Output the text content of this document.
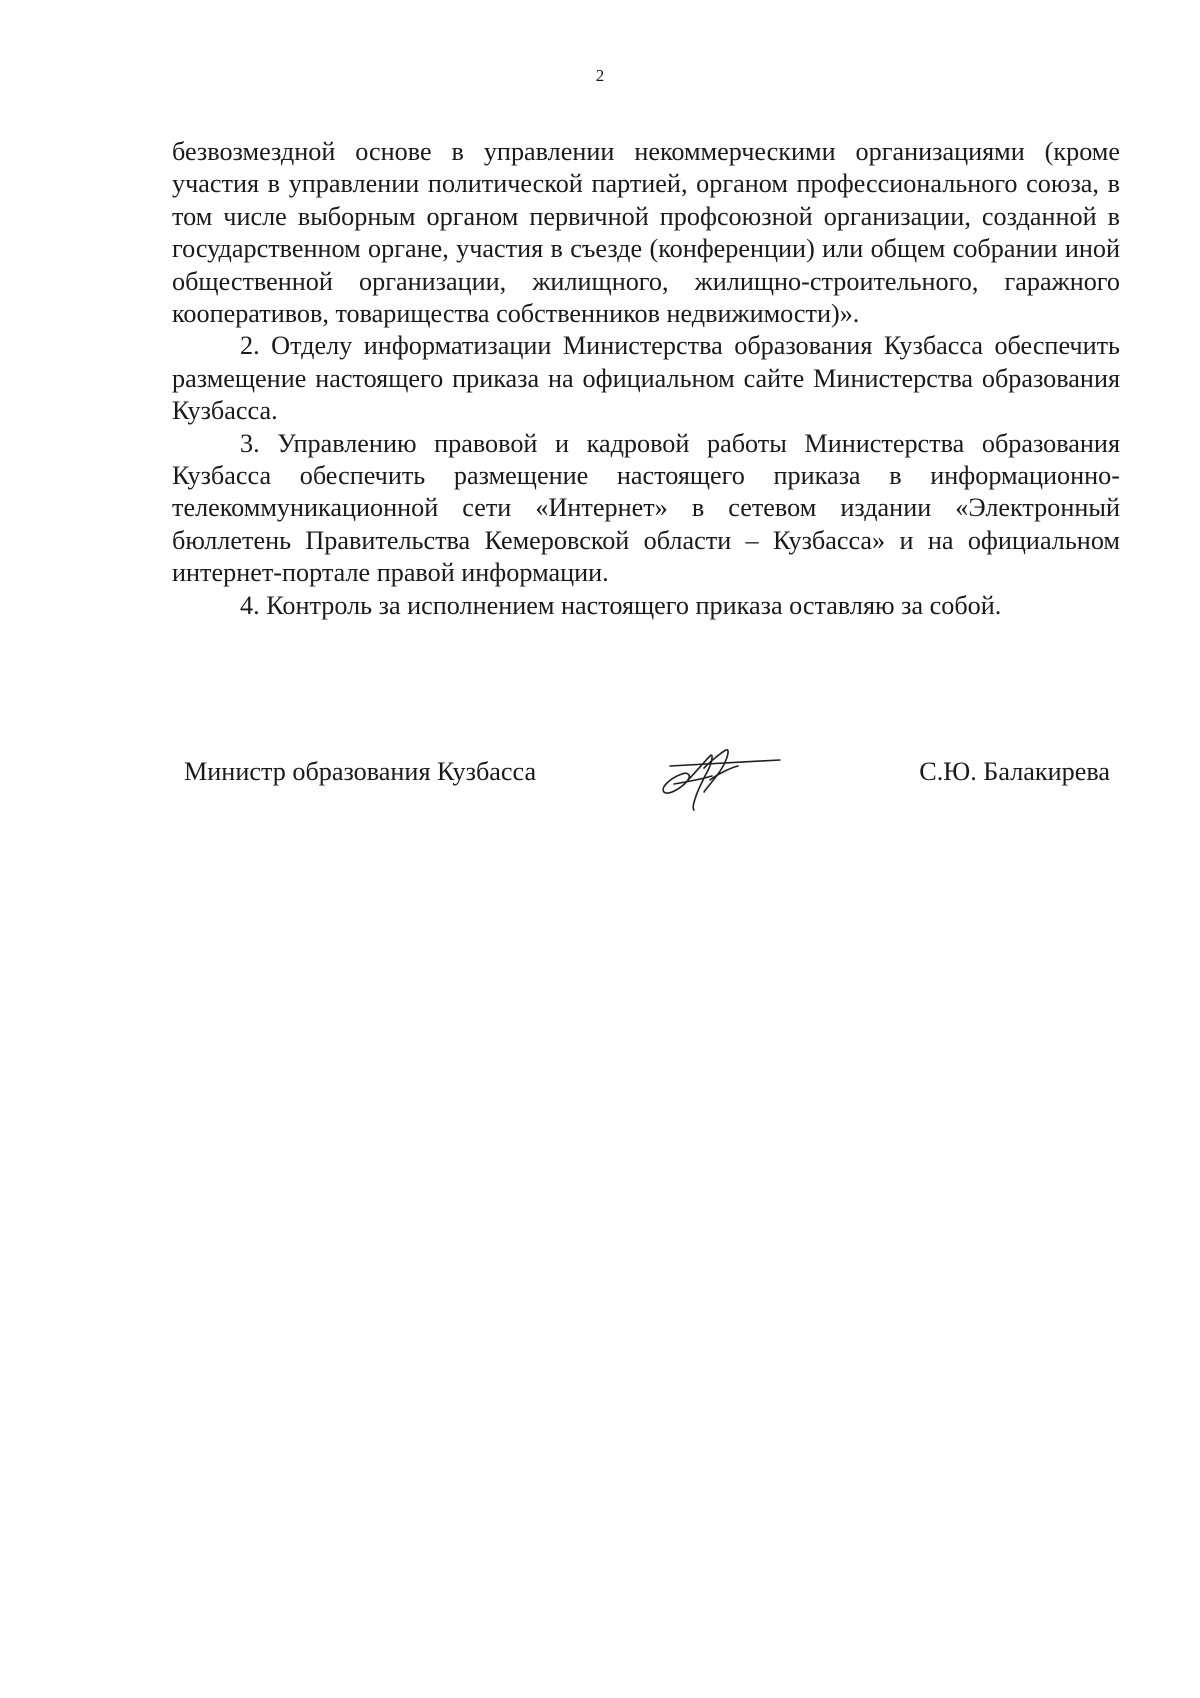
2

безвозмездной основе в управлении некоммерческими организациями (кроме участия в управлении политической партией, органом профессионального союза, в том числе выборным органом первичной профсоюзной организации, созданной в государственном органе, участия в съезде (конференции) или общем собрании иной общественной организации, жилищного, жилищно-строительного, гаражного кооперативов, товарищества собственников недвижимости)».

2. Отделу информатизации Министерства образования Кузбасса обеспечить размещение настоящего приказа на официальном сайте Министерства образования Кузбасса.

3. Управлению правовой и кадровой работы Министерства образования Кузбасса обеспечить размещение настоящего приказа в информационно-телекоммуникационной сети «Интернет» в сетевом издании «Электронный бюллетень Правительства Кемеровской области – Кузбасса» и на официальном интернет-портале правой информации.

4. Контроль за исполнением настоящего приказа оставляю за собой.

Министр образования Кузбасса	С.Ю. Балакирева
